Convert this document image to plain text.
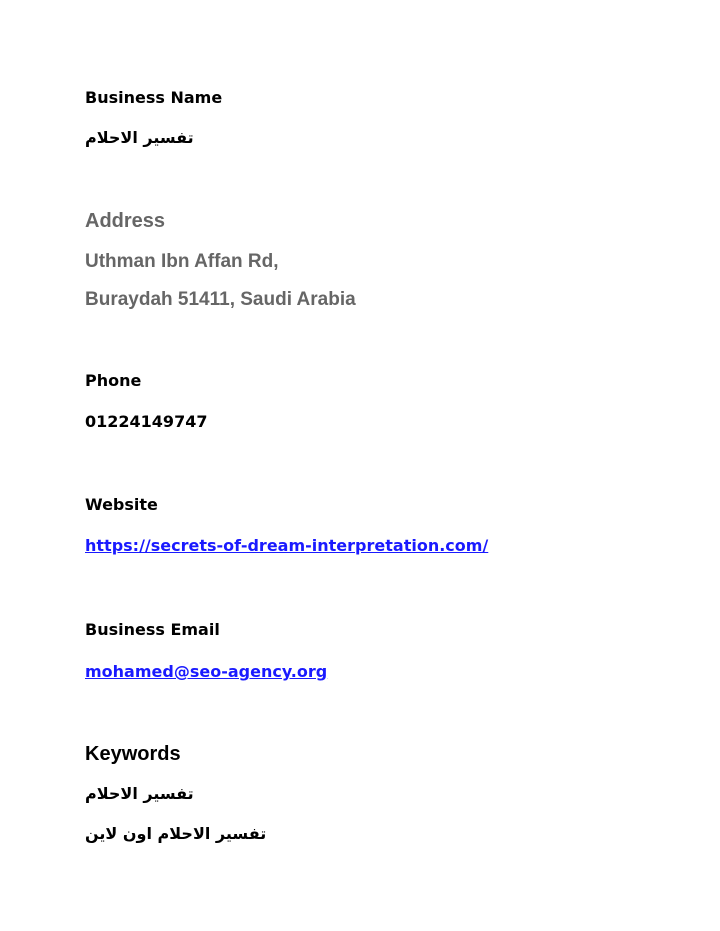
Business Name
تفسير الاحلام
Address
Uthman Ibn Affan Rd,
Buraydah 51411, Saudi Arabia
Phone
01224149747
Website
https://secrets-of-dream-interpretation.com/
Business Email
mohamed@seo-agency.org
Keywords
تفسير الاحلام
تفسير الاحلام اون لاين
